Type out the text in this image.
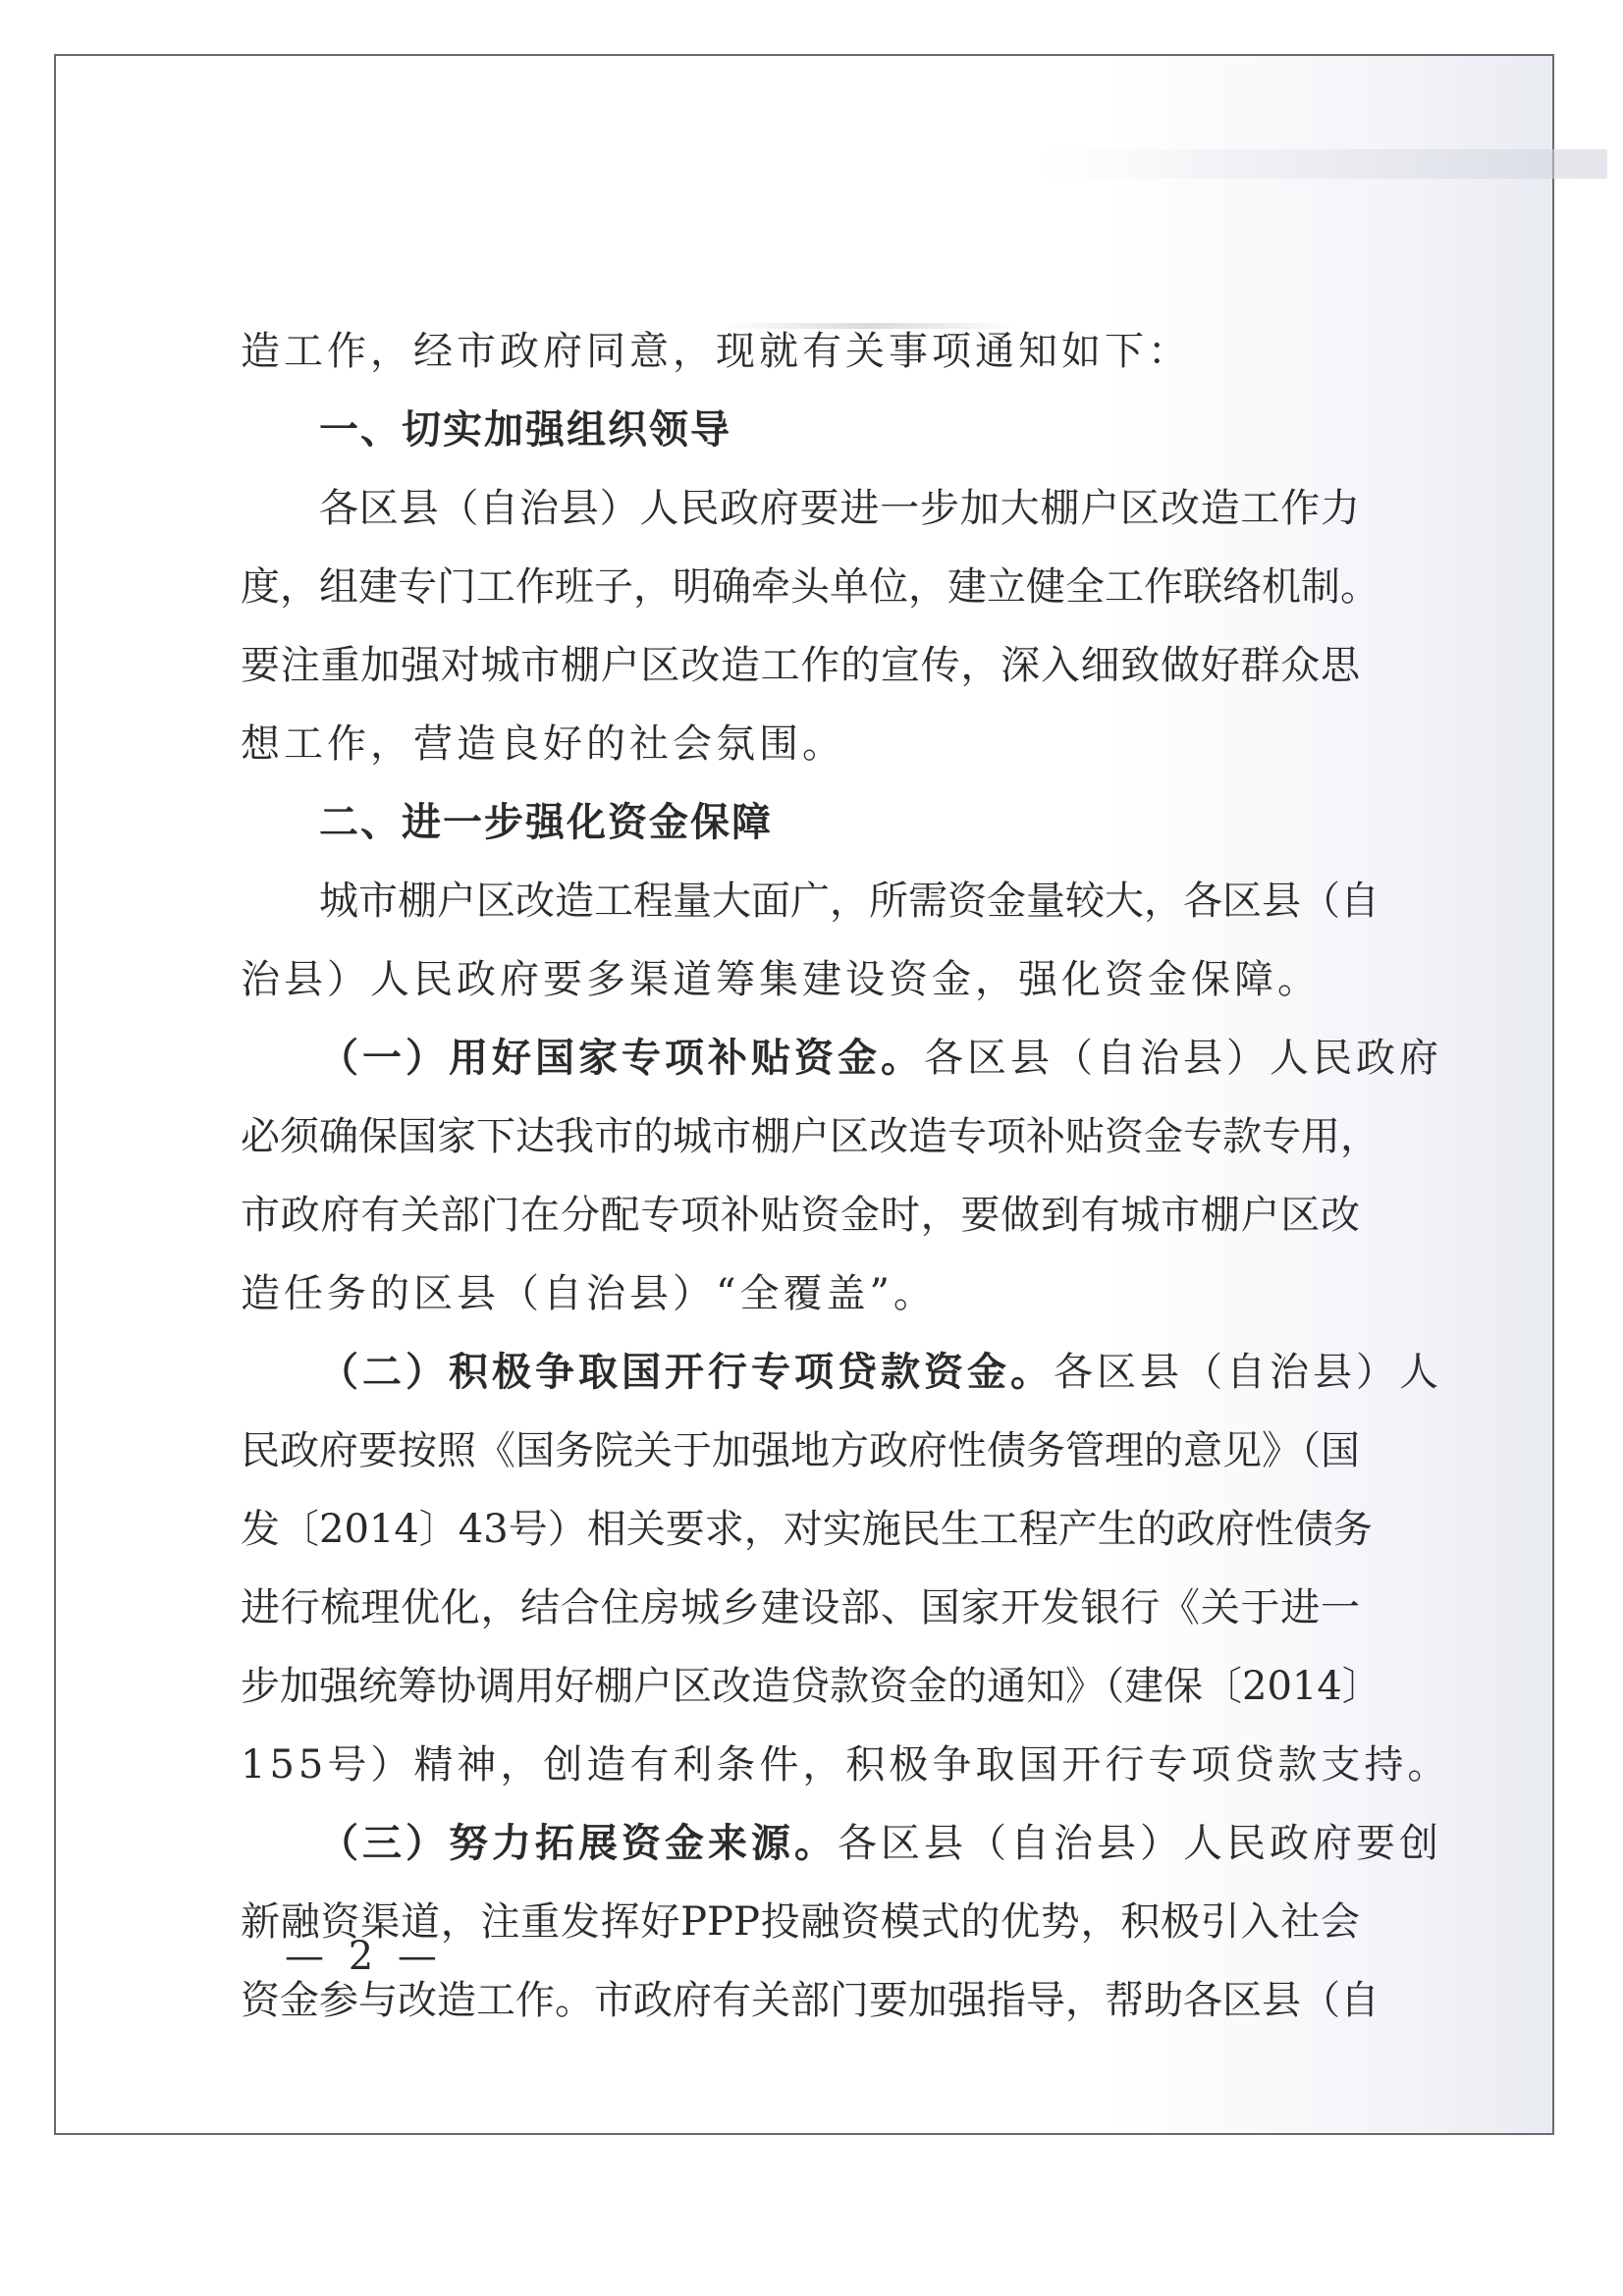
造工作，经市政府同意，现就有关事项通知如下：
一、切实加强组织领导
各区县（自治县）人民政府要进一步加大棚户区改造工作力
度，组建专门工作班子，明确牵头单位，建立健全工作联络机制。
要注重加强对城市棚户区改造工作的宣传，深入细致做好群众思
想工作，营造良好的社会氛围。
二、进一步强化资金保障
城市棚户区改造工程量大面广，所需资金量较大，各区县（自
治县）人民政府要多渠道筹集建设资金，强化资金保障。
（一）用好国家专项补贴资金。各区县（自治县）人民政府
必须确保国家下达我市的城市棚户区改造专项补贴资金专款专用，
市政府有关部门在分配专项补贴资金时，要做到有城市棚户区改
造任务的区县（自治县）“全覆盖”。
（二）积极争取国开行专项贷款资金。各区县（自治县）人
民政府要按照《国务院关于加强地方政府性债务管理的意见》（国
发〔2014〕43号）相关要求，对实施民生工程产生的政府性债务
进行梳理优化，结合住房城乡建设部、国家开发银行《关于进一
步加强统筹协调用好棚户区改造贷款资金的通知》（建保〔2014〕
155号）精神，创造有利条件，积极争取国开行专项贷款支持。
（三）努力拓展资金来源。各区县（自治县）人民政府要创
新融资渠道，注重发挥好PPP投融资模式的优势，积极引入社会
资金参与改造工作。市政府有关部门要加强指导，帮助各区县（自
— 2 —
